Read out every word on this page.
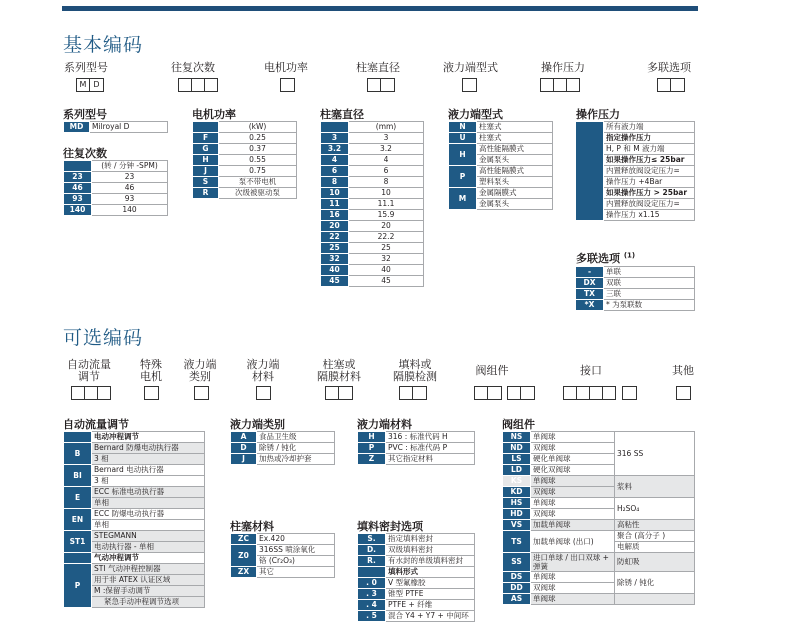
基本编码
系列型号	往复次数	电机功率	柱塞直径	液力端型式	操作压力	多联选项
M D
系列型号
MD	Milroyal D
往复次数
	(转 / 分钟 -SPM)
23	23
46	46
93	93
140	140
电机功率
	(kW)
F	0.25
G	0.37
H	0.55
J	0.75
S	泵不带电机
R	次级被驱动泵
柱塞直径
	(mm)
3	3
3.2	3.2
4	4
6	6
8	8
10	10
11	11.1
16	15.9
20	20
22	22.2
25	25
32	32
40	40
45	45
液力端型式
N	柱塞式
U	柱塞式
H	高性能隔膜式
	金属泵头
P	高性能隔膜式
	塑料泵头
M	金属隔膜式
	金属泵头
操作压力
	所有液力端
指定操作压力
H, P 和 M 液力端
如果操作压力≤ 25bar
内置释放阀设定压力=
操作压力 +4Bar
如果操作压力 > 25bar
内置释放阀设定压力=
操作压力 x1.15
多联选项 $^{(1)}$
-	单联
DX	双联
TX	三联
*X	* 为泵联数
可选编码
自动流量
调节
特殊
电机
液力端
类别
液力端
材料
柱塞或
隔膜材料
填料或
隔膜检测	阀组件	接口	其他
自动流量调节
	电动冲程调节
B	Bernard 防爆电动执行器
	3 相
BI	Bernard 电动执行器
	3 相
E	ECC 标准电动执行器
	单相
EN	ECC 防爆电动执行器
	单相
ST1	STEGMANN
	电动执行器 - 单相
	气动冲程调节
P	STI 气动冲程控制器
	用于非 ATEX 认证区域
	M :保留手动调节
	紧急手动冲程调节选项
液力端类别
A	食品卫生级
D	除锈 / 钝化
J	加热或冷却护套
柱塞材料
ZC	Ex.420
Z0	316SS 喷涂氧化
	铬 (Cr₂O₃)
ZX	其它
液力端材料
H	316 : 标准代码 H
P	PVC : 标准代码 P
Z	其它指定材料
填料密封选项
S.	指定填料密封
D.	双级填料密封
R.	有水封的单级填料密封
	填料形式
. 0	V 型氟橡胶
. 3	锥型 PTFE
. 4	PTFE + 纤维
. 5	混合 Y4 + Y7 + 中间环
阀组件
NS	单阀球	316 SS
ND	双阀球	
LS	硬化单阀球	
LD	硬化双阀球	
KS	单阀球	浆料
KD	双阀球	
HS	单阀球	H₂SO₄
HD	双阀球	
VS	加载单阀球	高粘性
TS	加载单阀球 (出口)	聚合 (高分子 )
		电解质
SS	进口单球 / 出口双球 + 弹簧	防虹吸
DS	单阀球	除锈 / 钝化
DD	双阀球	
AS	单阀球	
